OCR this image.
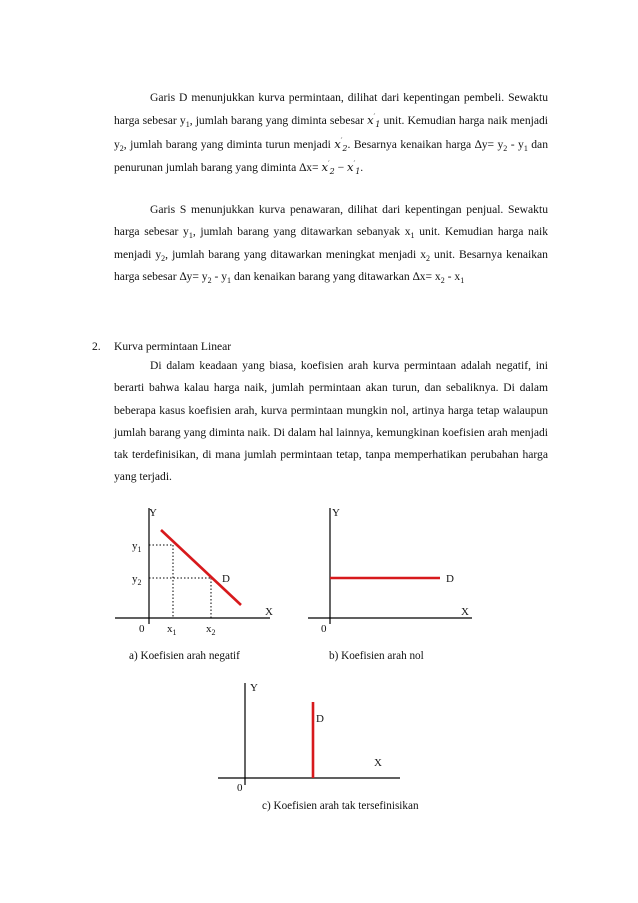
Garis D menunjukkan kurva permintaan, dilihat dari kepentingan pembeli. Sewaktu harga sebesar $y_1$, jumlah barang yang diminta sebesar $x'_1$ unit. Kemudian harga naik menjadi $y_2$, jumlah barang yang diminta turun menjadi $x'_2$. Besarnya kenaikan harga $\Delta y= y_2 - y_1$ dan penurunan jumlah barang yang diminta $\Delta x= x'_2 - x'_1$.

Garis S menunjukkan kurva penawaran, dilihat dari kepentingan penjual. Sewaktu harga sebesar $y_1$, jumlah barang yang ditawarkan sebanyak $x_1$ unit. Kemudian harga naik menjadi $y_2$, jumlah barang yang ditawarkan meningkat menjadi $x_2$ unit. Besarnya kenaikan harga sebesar $\Delta y= y_2 - y_1$ dan kenaikan barang yang ditawarkan $\Delta x= x_2 - x_1$

2. Kurva permintaan Linear

Di dalam keadaan yang biasa, koefisien arah kurva permintaan adalah negatif, ini berarti bahwa kalau harga naik, jumlah permintaan akan turun, dan sebaliknya. Di dalam beberapa kasus koefisien arah, kurva permintaan mungkin nol, artinya harga tetap walaupun jumlah barang yang diminta naik. Di dalam hal lainnya, kemungkinan koefisien arah menjadi tak terdefinisikan, di mana jumlah permintaan tetap, tanpa memperhatikan perubahan harga yang terjadi.

Y
X
0
$y_1$
$y_2$
$x_1$	$x_2$
D
a) Koefisien arah negatif
Y
X
0
D
b) Koefisien arah nol
Y
X
0
D
c) Koefisien arah tak tersefinisikan
